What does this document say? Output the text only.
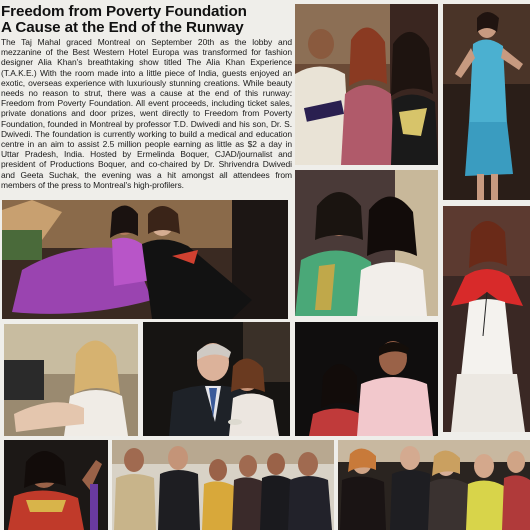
Freedom from Poverty Foundation
A Cause at the End of the Runway

The Taj Mahal graced Montreal on September 20th as the lobby and mezzanine of the Best Western Hotel Europa was transformed for fashion designer Alia Khan's breathtaking show titled The Alia Khan Experience (T.A.K.E.) With the room made into a little piece of India, guests enjoyed an exotic, overseas experience with luxuriously stunning creations. While beauty needs no reason to strut, there was a cause at the end of this runway: Freedom from Poverty Foundation. All event proceeds, including ticket sales, private donations and door prizes, went directly to Freedom from Poverty Foundation, founded in Montreal by professor T.D. Dwivedi and his son, Dr. S. Dwivedi. The foundation is currently working to build a medical and education centre in an aim to assist 2.5 million people earning as little as $2 a day in Uttar Pradesh, India. Hosted by Ermelinda Boquer, CJAD/journalist and president of Productions Boquer, and co-chaired by Dr. Shrivendra Dwivedi and Geeta Suchak, the evening was a hit amongst all attendees from members of the press to Montreal's high-profilers.
